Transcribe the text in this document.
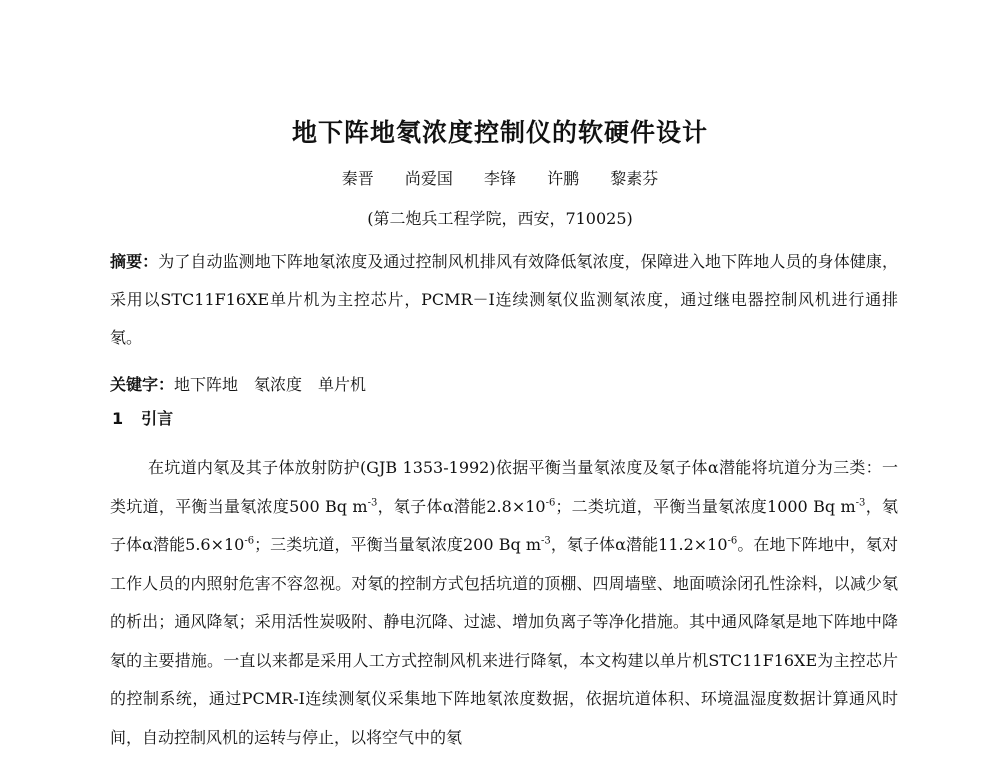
地下阵地氡浓度控制仪的软硬件设计
秦晋 尚爱国 李锋 许鹏 黎素芬
(第二炮兵工程学院，西安，710025)
摘要：为了自动监测地下阵地氡浓度及通过控制风机排风有效降低氡浓度，保障进入地下阵地人员的身体健康，采用以STC11F16XE单片机为主控芯片，PCMR－I连续测氡仪监测氡浓度，通过继电器控制风机进行通排氡。
关键字：地下阵地　氡浓度　单片机
1 引言
在坑道内氡及其子体放射防护(GJB 1353-1992)依据平衡当量氡浓度及氡子体α潜能将坑道分为三类：一类坑道，平衡当量氡浓度500 Bq $m^{-3}$，氡子体α潜能$2.8\times 10^{-6}$；二类坑道，平衡当量氡浓度1000 Bq $m^{-3}$，氡子体α潜能$5.6\times 10^{-6}$；三类坑道，平衡当量氡浓度200 Bq $m^{-3}$，氡子体α潜能$11.2\times 10^{-6}$。在地下阵地中，氡对工作人员的内照射危害不容忽视。对氡的控制方式包括坑道的顶棚、四周墙壁、地面喷涂闭孔性涂料，以减少氡的析出；通风降氡；采用活性炭吸附、静电沉降、过滤、增加负离子等净化措施。其中通风降氡是地下阵地中降氡的主要措施。一直以来都是采用人工方式控制风机来进行降氡，本文构建以单片机STC11F16XE为主控芯片的控制系统，通过PCMR-I连续测氡仪采集地下阵地氡浓度数据，依据坑道体积、环境温湿度数据计算通风时间，自动控制风机的运转与停止，以将空气中的氡
